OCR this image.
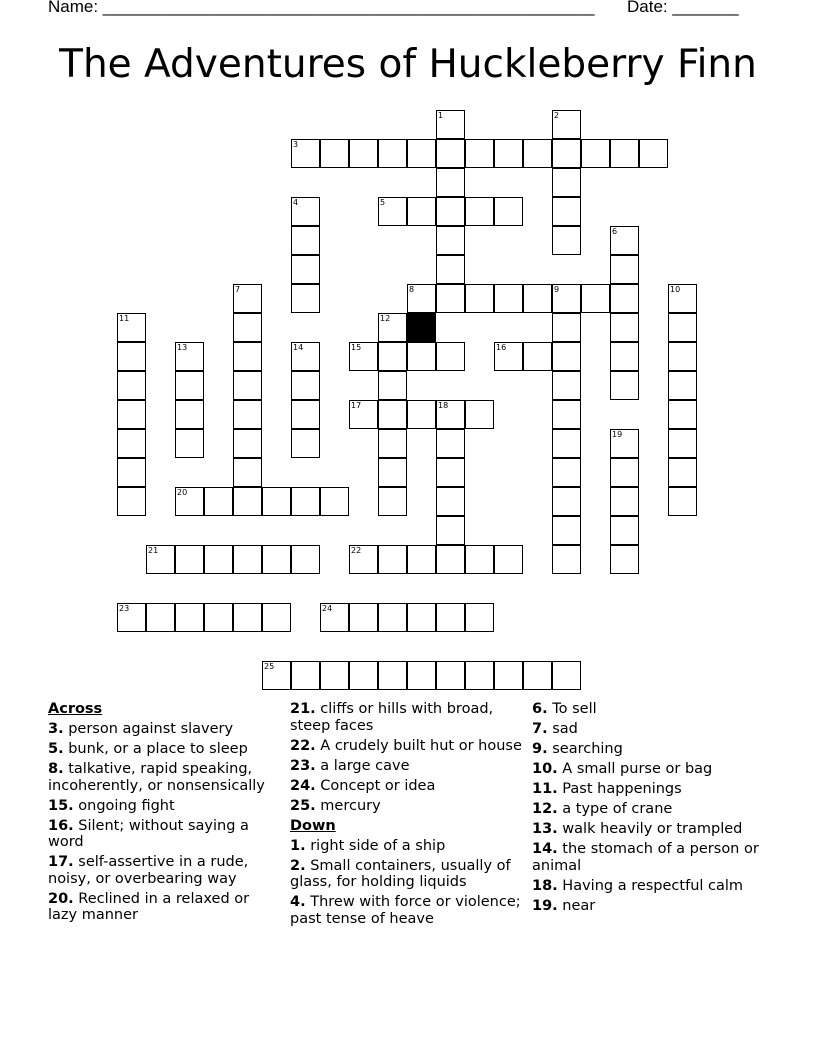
Name: ____________________________________________________ Date: _______
The Adventures of Huckleberry Finn
1	2
3
4	5
6
7	8	9	10
11	12
13	14	15	16
17	18
19
20
21	22
23	24
25
Across
3. person against slavery
5. bunk, or a place to sleep
8. talkative, rapid speaking, incoherently, or nonsensically
15. ongoing fight
16. Silent; without saying a word
17. self-assertive in a rude, noisy, or overbearing way
20. Reclined in a relaxed or lazy manner
21. cliffs or hills with broad, steep faces
22. A crudely built hut or house
23. a large cave
24. Concept or idea
25. mercury
Down
1. right side of a ship
2. Small containers, usually of glass, for holding liquids
4. Threw with force or violence; past tense of heave
6. To sell
7. sad
9. searching
10. A small purse or bag
11. Past happenings
12. a type of crane
13. walk heavily or trampled
14. the stomach of a person or animal
18. Having a respectful calm
19. near
